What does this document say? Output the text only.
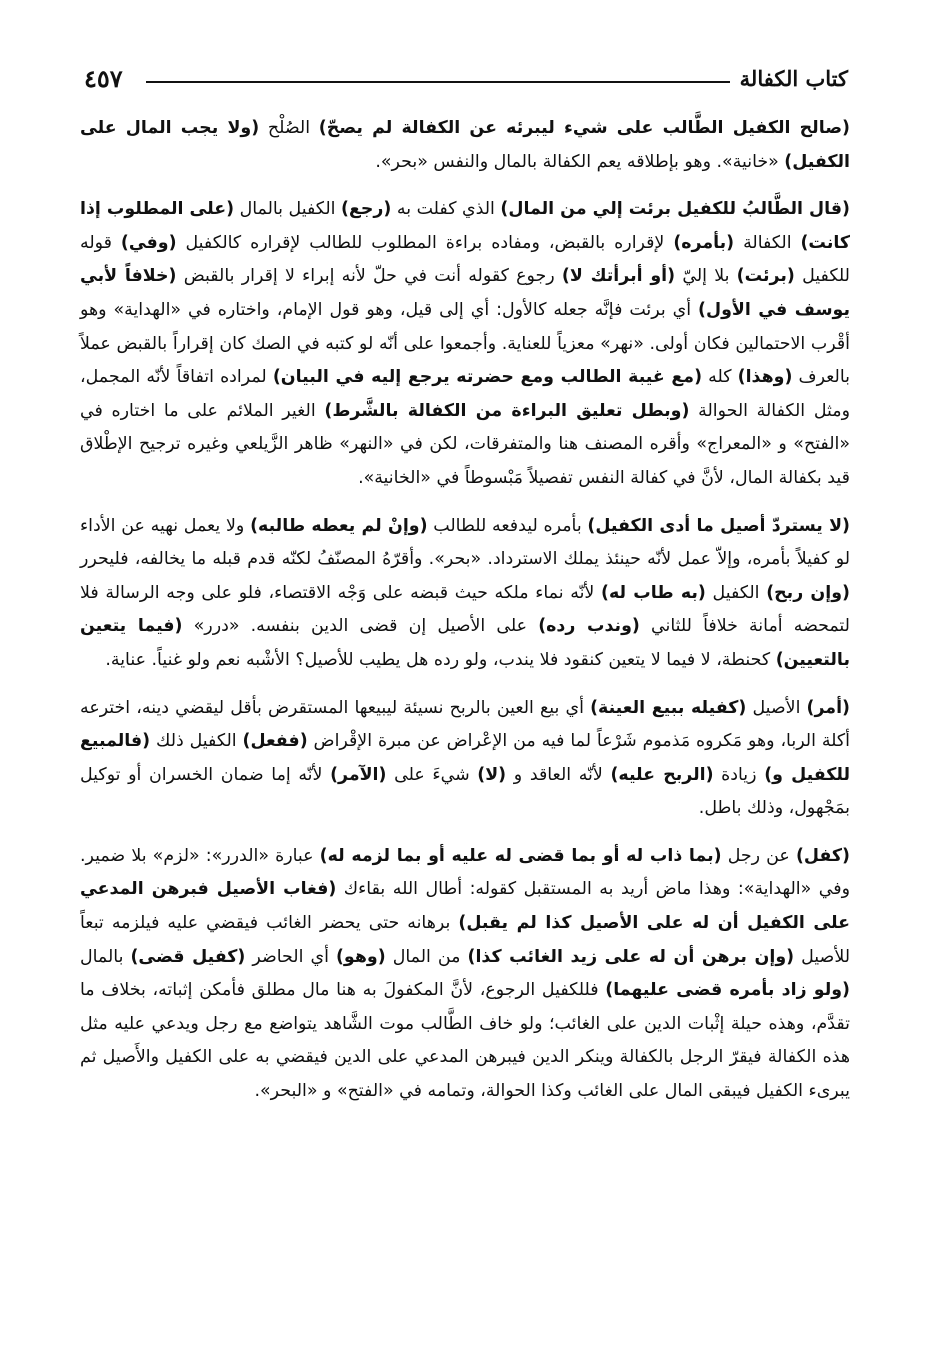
كتاب الكفالة
٤٥٧

(صالح الكفيل الطَّالب على شيء ليبرئه عن الكفالة لم يصحّ) الصُلْح (ولا يجب المال على الكفيل) «خانية». وهو بإطلاقه يعم الكفالة بالمال والنفس «بحر».

(قال الطَّالبُ للكفيل برئت إلي من المال) الذي كفلت به (رجع) الكفيل بالمال (على المطلوب إذا كانت) الكفالة (بأمره) لإقراره بالقبض، ومفاده براءة المطلوب للطالب لإقراره كالكفيل (وفي) قوله للكفيل (برئت) بلا إليّ (أو أبرأتك لا) رجوع كقوله أنت في حلّ لأنه إبراء لا إقرار بالقبض (خلافاً لأبي يوسف في الأول) أي برئت فإنَّه جعله كالأول: أي إلى قيل، وهو قول الإمام، واختاره في «الهداية» وهو أقْرب الاحتمالين فكان أولى. «نهر» معزياً للعناية. وأجمعوا على أنّه لو كتبه في الصك كان إقراراً بالقبض عملاً بالعرف (وهذا) كله (مع غيبة الطالب ومع حضرته يرجع إليه في البيان) لمراده اتفاقاً لأنّه المجمل، ومثل الكفالة الحوالة (وبطل تعليق البراءة من الكفالة بالشَّرط) الغير الملائم على ما اختاره في «الفتح» و «المعراج» وأقره المصنف هنا والمتفرقات، لكن في «النهر» ظاهر الزَّيلعي وغيره ترجيح الإطْلاق قيد بكفالة المال، لأنَّ في كفالة النفس تفصيلاً مَبْسوطاً في «الخانية».

(لا يستردّ أصيل ما أدى الكفيل) بأمره ليدفعه للطالب (وإنْ لم يعطه طالبه) ولا يعمل نهيه عن الأداء لو كفيلاً بأمره، وإلاّ عمل لأنّه حينئذ يملك الاسترداد. «بحر». وأقرّهُ المصنّفُ لكنّه قدم قبله ما يخالفه، فليحرر (وإن ربح) الكفيل (به طاب له) لأنّه نماء ملكه حيث قبضه على وَجْه الاقتصاء، فلو على وجه الرسالة فلا لتمحضه أمانة خلافاً للثاني (وندب رده) على الأصيل إن قضى الدين بنفسه. «درر» (فيما يتعين بالتعيين) كحنطة، لا فيما لا يتعين كنقود فلا يندب، ولو رده هل يطيب للأصيل؟ الأشْبه نعم ولو غنياً. عناية.

(أمر) الأصيل (كفيله ببيع العينة) أي بيع العين بالربح نسيئة ليبيعها المستقرض بأقل ليقضي دينه، اخترعه أكلة الربا، وهو مَكروه مَذموم شَرْعاً لما فيه من الإعْراض عن مبرة الإقْراض (ففعل) الكفيل ذلك (فالمبيع للكفيل و) زيادة (الربح عليه) لأنّه العاقد و (لا) شيءَ على (الآمر) لأنّه إما ضمان الخسران أو توكيل بمَجْهول، وذلك باطل.

(كفل) عن رجل (بما ذاب له أو بما قضى له عليه أو بما لزمه له) عبارة «الدرر»: «لزم» بلا ضمير. وفي «الهداية»: وهذا ماض أريد به المستقبل كقوله: أطال الله بقاءك (فغاب الأصيل فبرهن المدعي على الكفيل أن له على الأصيل كذا لم يقبل) برهانه حتى يحضر الغائب فيقضي عليه فيلزمه تبعاً للأصيل (وإن برهن أن له على زيد الغائب كذا) من المال (وهو) أي الحاضر (كفيل قضى) بالمال (ولو زاد بأمره قضى عليهما) فللكفيل الرجوع، لأنَّ المكفولَ به هنا مال مطلق فأمكن إثباته، بخلاف ما تقدَّم، وهذه حيلة إثْبات الدين على الغائب؛ ولو خاف الطَّالب موت الشَّاهد يتواضع مع رجل ويدعي عليه مثل هذه الكفالة فيقرّ الرجل بالكفالة وينكر الدين فيبرهن المدعي على الدين فيقضي به على الكفيل والأَصيل ثم يبرىء الكفيل فيبقى المال على الغائب وكذا الحوالة، وتمامه في «الفتح» و «البحر».
